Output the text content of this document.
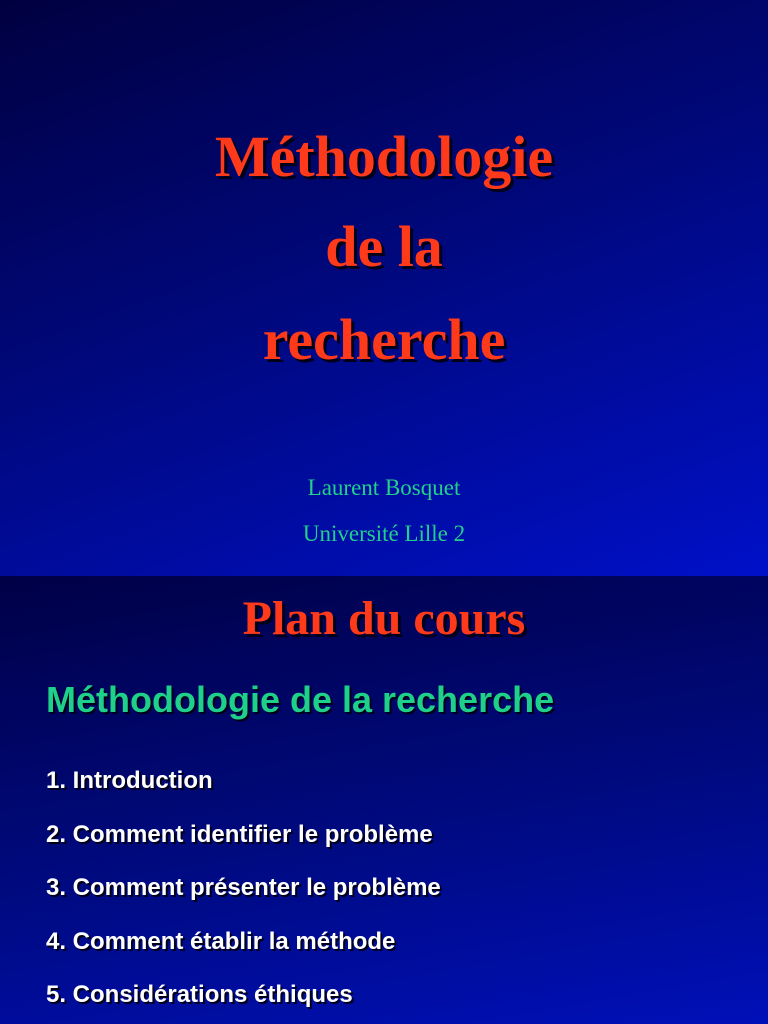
Méthodologie
de la
recherche
Laurent Bosquet
Université Lille 2
Plan du cours
Méthodologie de la recherche
1. Introduction
2. Comment identifier le problème
3. Comment présenter le problème
4. Comment établir la méthode
5. Considérations éthiques
